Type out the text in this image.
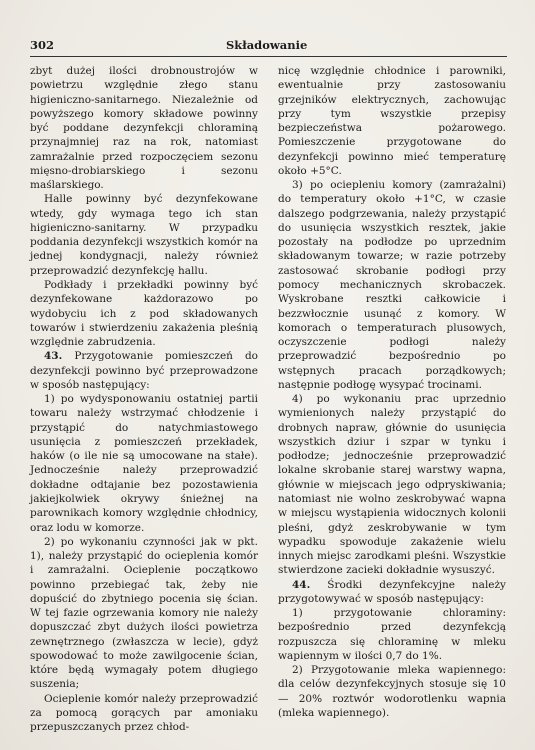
302	Składowanie

zbyt dużej ilości drobnoustrojów w powietrzu względnie złego stanu higieniczno-sanitarnego. Niezależnie od powyższego komory składowe powinny być poddane dezynfekcji chloraminą przynajmniej raz na rok, natomiast zamrażalnie przed rozpoczęciem sezonu mięsno-drobiarskiego i sezonu maślarskiego.

Halle powinny być dezynfekowane wtedy, gdy wymaga tego ich stan higieniczno-sanitarny. W przypadku poddania dezynfekcji wszystkich komór na jednej kondygnacji, należy również przeprowadzić dezynfekcję hallu.

Podkłady i przekładki powinny być dezynfekowane każdorazowo po wydobyciu ich z pod składowanych towarów i stwierdzeniu zakażenia pleśnią względnie zabrudzenia.

43. Przygotowanie pomieszczeń do dezynfekcji powinno być przeprowadzone w sposób następujący:

1) po wydysponowaniu ostatniej partii towaru należy wstrzymać chłodzenie i przystąpić do natychmiastowego usunięcia z pomieszczeń przekładek, haków (o ile nie są umocowane na stałe). Jednocześnie należy przeprowadzić dokładne odtajanie bez pozostawienia jakiejkolwiek okrywy śnieżnej na parownikach komory względnie chłodnicy, oraz lodu w komorze.

2) po wykonaniu czynności jak w pkt. 1), należy przystąpić do ocieplenia komór i zamrażalni. Ocieplenie początkowo powinno przebiegać tak, żeby nie dopuścić do zbytniego pocenia się ścian. W tej fazie ogrzewania komory nie należy dopuszczać zbyt dużych ilości powietrza zewnętrznego (zwłaszcza w lecie), gdyż spowodować to może zawilgocenie ścian, które będą wymagały potem długiego suszenia;

Ocieplenie komór należy przeprowadzić za pomocą gorących par amoniaku przepuszczanych przez chłod-

nicę względnie chłodnice i parowniki, ewentualnie przy zastosowaniu grzejników elektrycznych, zachowując przy tym wszystkie przepisy bezpieczeństwa pożarowego. Pomieszczenie przygotowane do dezynfekcji powinno mieć temperaturę około +5°C.

3) po ociepleniu komory (zamrażalni) do temperatury około +1°C, w czasie dalszego podgrzewania, należy przystąpić do usunięcia wszystkich resztek, jakie pozostały na podłodze po uprzednim składowanym towarze; w razie potrzeby zastosować skrobanie podłogi przy pomocy mechanicznych skrobaczek. Wyskrobane resztki całkowicie i bezzwłocznie usunąć z komory. W komorach o temperaturach plusowych, oczyszczenie podłogi należy przeprowadzić bezpośrednio po wstępnych pracach porządkowych; następnie podłogę wysypać trocinami.

4) po wykonaniu prac uprzednio wymienionych należy przystąpić do drobnych napraw, głównie do usunięcia wszystkich dziur i szpar w tynku i podłodze; jednocześnie przeprowadzić lokalne skrobanie starej warstwy wapna, głównie w miejscach jego odpryskiwania; natomiast nie wolno zeskrobywać wapna w miejscu wystąpienia widocznych kolonii pleśni, gdyż zeskrobywanie w tym wypadku spowoduje zakażenie wielu innych miejsc zarodkami pleśni. Wszystkie stwierdzone zacieki dokładnie wysuszyć.

44. Środki dezynfekcyjne należy przygotowywać w sposób następujący:

1) przygotowanie chloraminy: bezpośrednio przed dezynfekcją rozpuszcza się chloraminę w mleku wapiennym w ilości 0,7 do 1%.

2) Przygotowanie mleka wapiennego: dla celów dezynfekcyjnych stosuje się 10 — 20% roztwór wodorotlenku wapnia (mleka wapiennego).
